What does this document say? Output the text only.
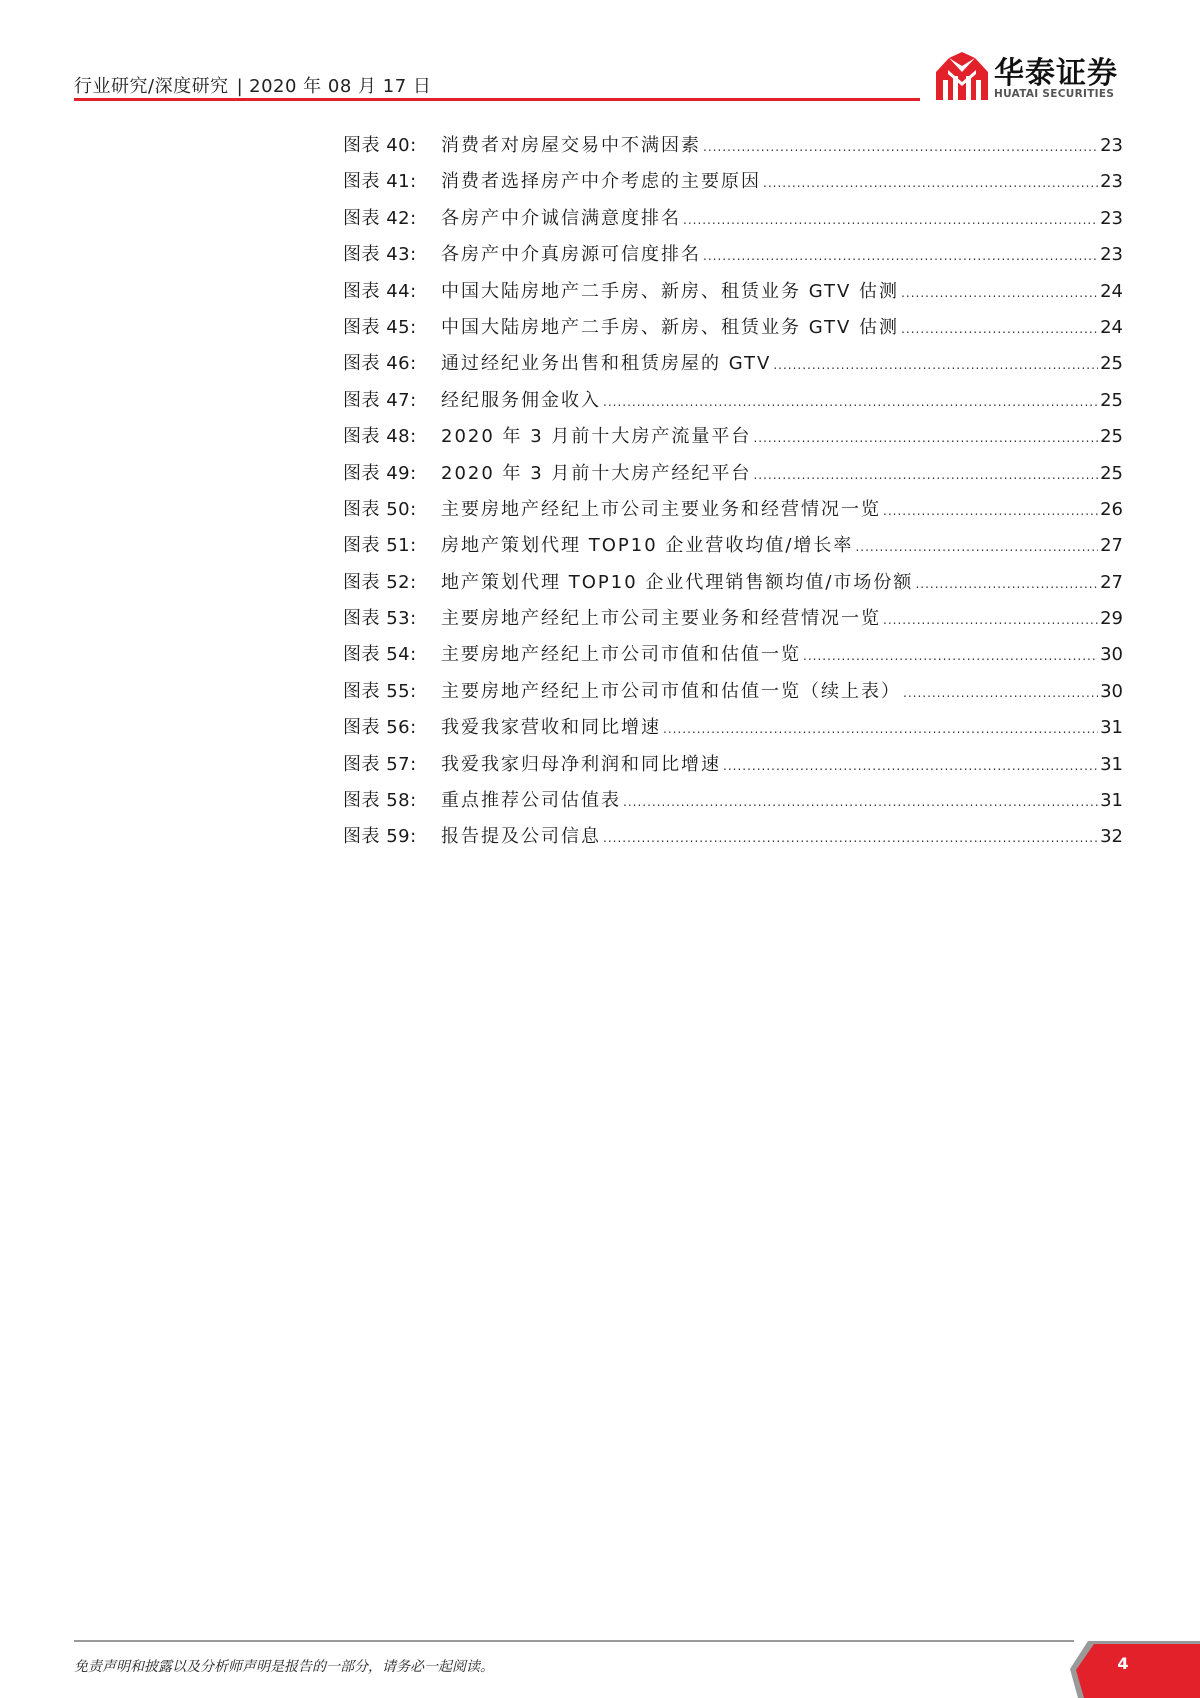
行业研究/深度研究 | 2020 年 08 月 17 日	华泰证券
HUATAI SECURITIES
图表 40:	消费者对房屋交易中不满因素 .....	23
图表 41:	消费者选择房产中介考虑的主要原因 .....	23
图表 42:	各房产中介诚信满意度排名 .....	23
图表 43:	各房产中介真房源可信度排名 .....	23
图表 44:	中国大陆房地产二手房、新房、租赁业务 GTV 估测 .....	24
图表 45:	中国大陆房地产二手房、新房、租赁业务 GTV 估测 .....	24
图表 46:	通过经纪业务出售和租赁房屋的 GTV .....	25
图表 47:	经纪服务佣金收入 .....	25
图表 48:	2020 年 3 月前十大房产流量平台 .....	25
图表 49:	2020 年 3 月前十大房产经纪平台 .....	25
图表 50:	主要房地产经纪上市公司主要业务和经营情况一览 .....	26
图表 51:	房地产策划代理 TOP10 企业营收均值/增长率 .....	27
图表 52:	地产策划代理 TOP10 企业代理销售额均值/市场份额 .....	27
图表 53:	主要房地产经纪上市公司主要业务和经营情况一览 .....	29
图表 54:	主要房地产经纪上市公司市值和估值一览 .....	30
图表 55:	主要房地产经纪上市公司市值和估值一览（续上表） .....	30
图表 56:	我爱我家营收和同比增速 .....	31
图表 57:	我爱我家归母净利润和同比增速 .....	31
图表 58:	重点推荐公司估值表 .....	31
图表 59:	报告提及公司信息 .....	32
免责声明和披露以及分析师声明是报告的一部分，请务必一起阅读。	4
